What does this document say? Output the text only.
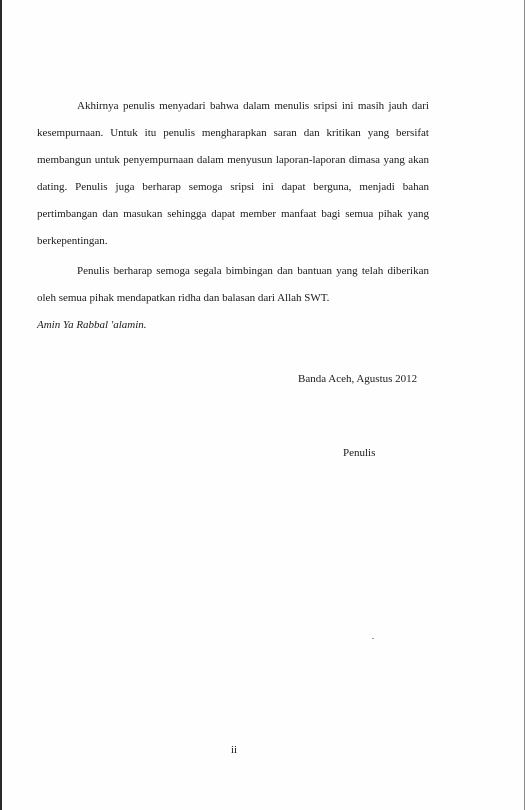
Akhirnya penulis menyadari bahwa dalam menulis sripsi ini masih jauh dari kesempurnaan. Untuk itu penulis mengharapkan saran dan kritikan yang bersifat membangun untuk penyempurnaan dalam menyusun laporan-laporan dimasa yang akan dating. Penulis juga berharap semoga sripsi ini dapat berguna, menjadi bahan pertimbangan dan masukan sehingga dapat member manfaat bagi semua pihak yang berkepentingan.

Penulis berharap semoga segala bimbingan dan bantuan yang telah diberikan oleh semua pihak mendapatkan ridha dan balasan dari Allah SWT.

Amin Ya Rabbal 'alamin.

Banda Aceh, Agustus 2012

Penulis

ii
